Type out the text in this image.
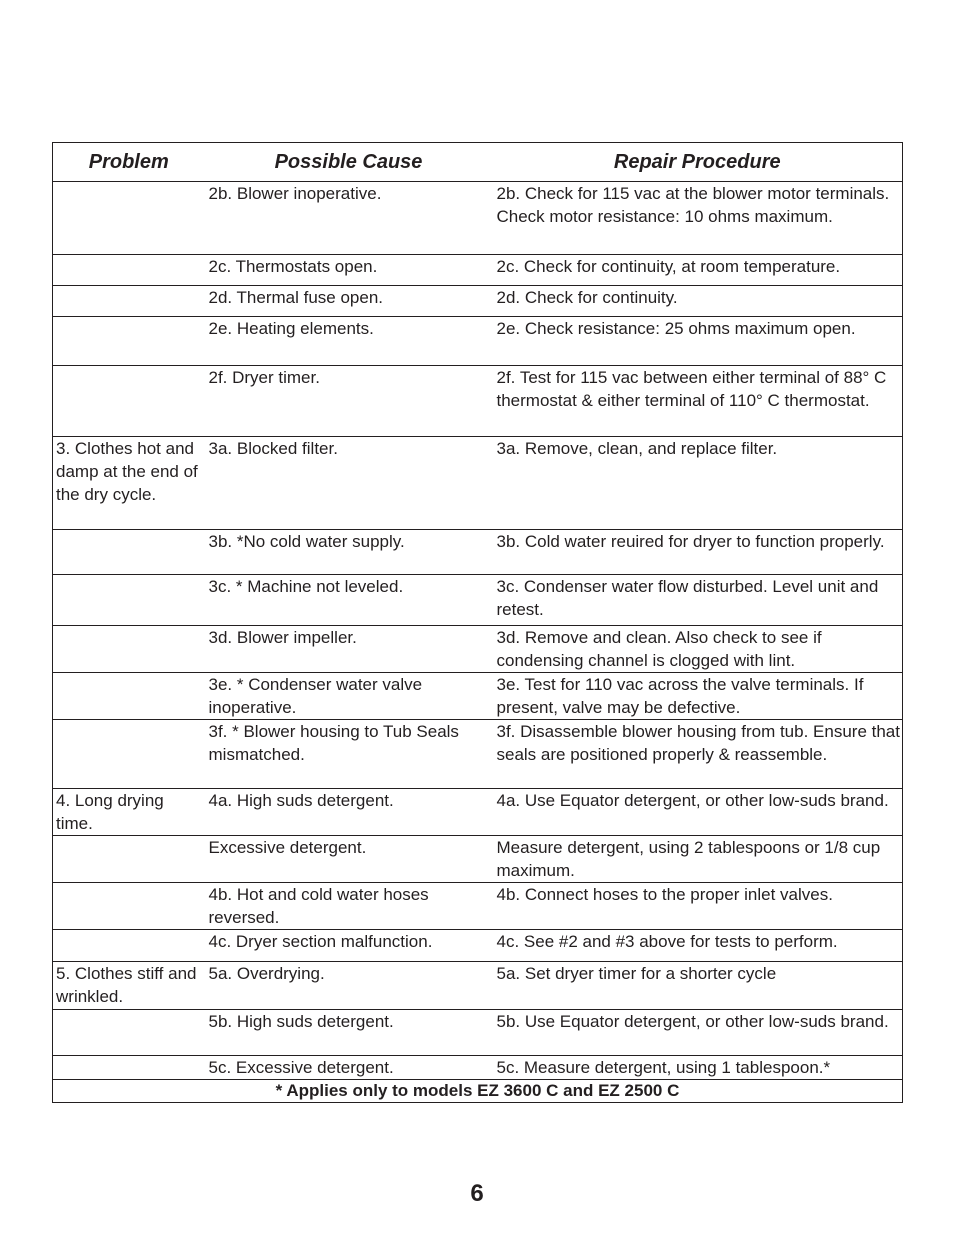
Problem	Possible Cause	Repair Procedure
	2b. Blower inoperative.	2b. Check for 115 vac at the blower motor terminals. Check motor resistance: 10 ohms maximum.
	2c. Thermostats open.	2c. Check for continuity, at room temperature.
	2d. Thermal fuse open.	2d. Check for continuity.
	2e. Heating elements.	2e. Check resistance: 25 ohms maximum open.
	2f. Dryer timer.	2f. Test for 115 vac between either terminal of 88° C thermostat & either terminal of 110° C thermostat.
3. Clothes hot and damp at the end of the dry cycle.	3a. Blocked filter.	3a. Remove, clean, and replace filter.
	3b. *No cold water supply.	3b. Cold water reuired for dryer to function properly.
	3c. * Machine not leveled.	3c. Condenser water flow disturbed. Level unit and retest.
	3d. Blower impeller.	3d. Remove and clean. Also check to see if condensing channel is clogged with lint.
	3e. * Condenser water valve inoperative.	3e. Test for 110 vac across the valve terminals. If present, valve may be defective.
	3f. * Blower housing to Tub Seals mismatched.	3f. Disassemble blower housing from tub. Ensure that seals are positioned properly & reassemble.
4. Long drying time.	4a. High suds detergent.	4a. Use Equator detergent, or other low-suds brand.
	Excessive detergent.	Measure detergent, using 2 tablespoons or 1/8 cup maximum.
	4b. Hot and cold water hoses reversed.	4b. Connect hoses to the proper inlet valves.
	4c. Dryer section malfunction.	4c. See #2 and #3 above for tests to perform.
5. Clothes stiff and wrinkled.	5a. Overdrying.	5a. Set dryer timer for a shorter cycle
	5b. High suds detergent.	5b. Use Equator detergent, or other low-suds brand.
	5c. Excessive detergent.	5c. Measure detergent, using 1 tablespoon.*
* Applies only to models EZ 3600 C and EZ 2500 C		
6
